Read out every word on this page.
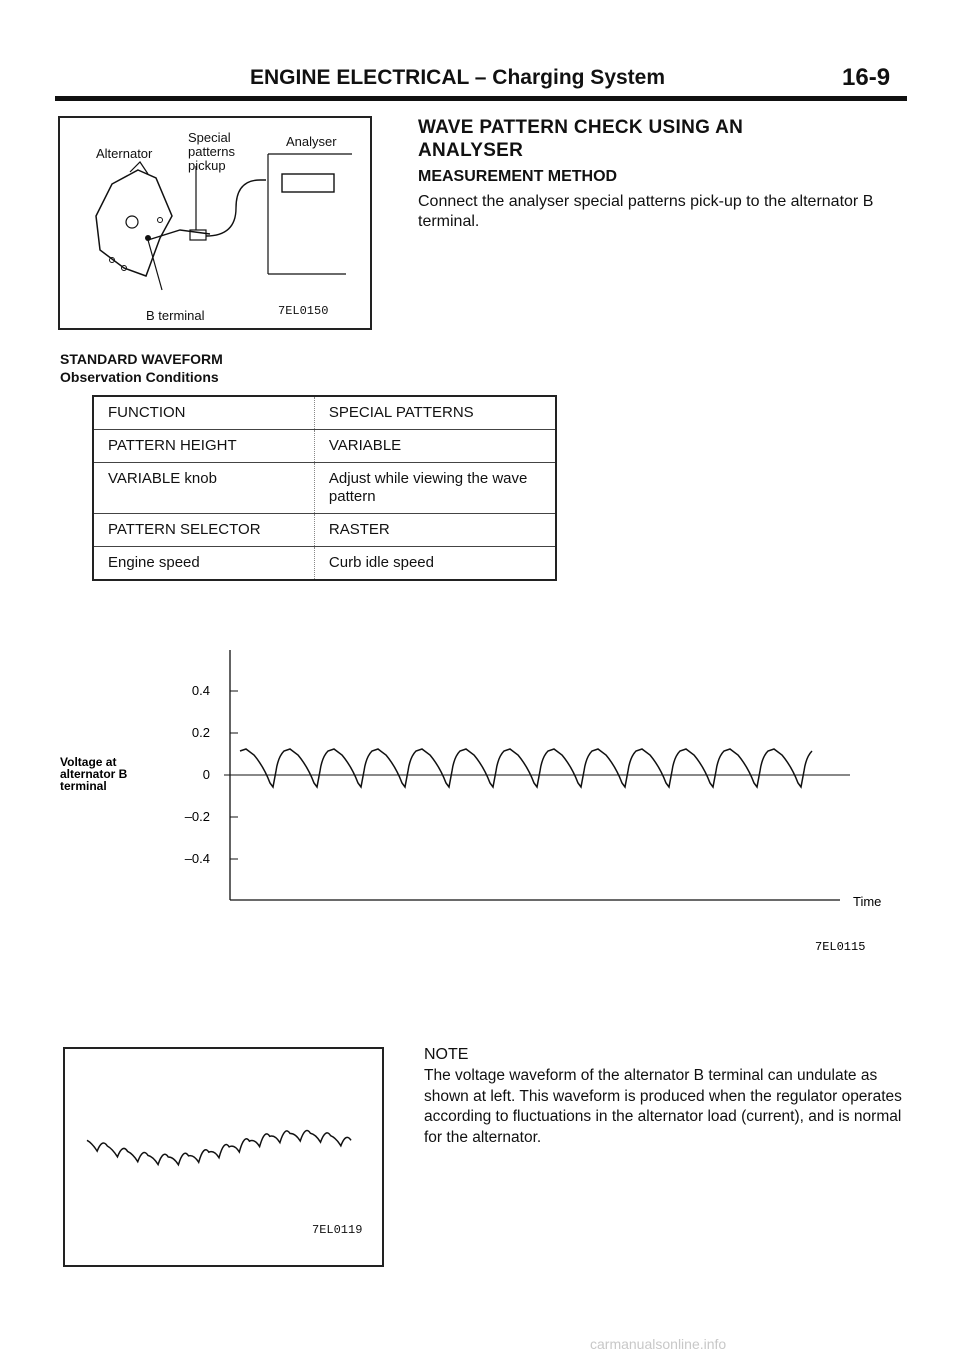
ENGINE ELECTRICAL – Charging System	16-9
Alternator
Special
patterns
pickup
Analyser
B terminal	7EL0150
WAVE PATTERN CHECK USING AN
ANALYSER
MEASUREMENT METHOD
Connect the analyser special patterns pick-up to the alternator B terminal.
STANDARD WAVEFORM
Observation Conditions
FUNCTION	SPECIAL PATTERNS
PATTERN HEIGHT	VARIABLE
VARIABLE knob	Adjust while viewing the wave pattern
PATTERN SELECTOR	RASTER
Engine speed	Curb idle speed
Voltage at
alternator B
terminal
Time
7EL0115
0.4
0.2
0
–0.2
–0.4
7EL0119
NOTE
The voltage waveform of the alternator B terminal can undulate as shown at left. This waveform is produced when the regulator operates according to fluctuations in the alternator load (current), and is normal for the alternator.
carmanualsonline.info
